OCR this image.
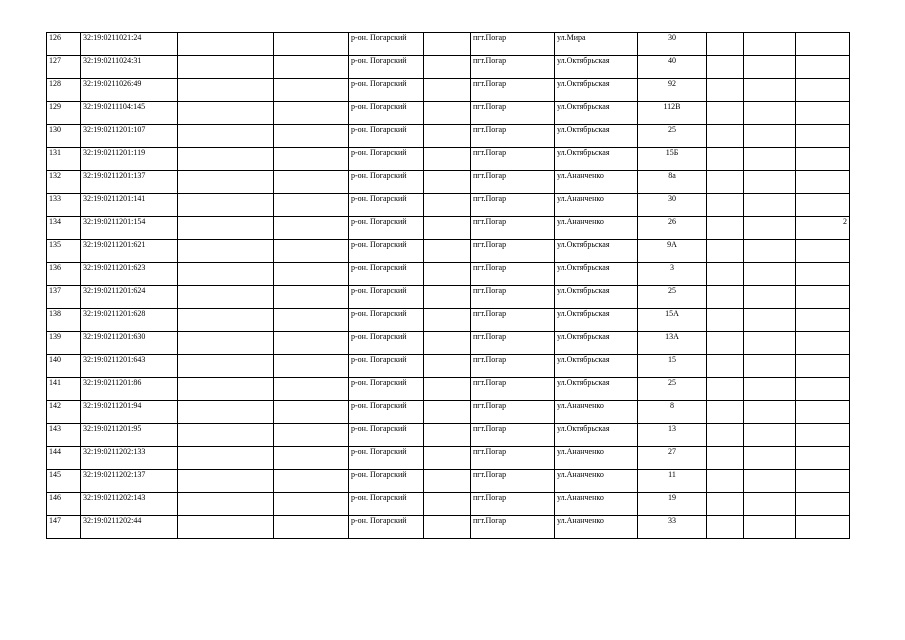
126	32:19:0211021:24			р-он. Погарский		пгт.Погар	ул.Мира	30			
127	32:19:0211024:31			р-он. Погарский		пгт.Погар	ул.Октябрьская	40			
128	32:19:0211026:49			р-он. Погарский		пгт.Погар	ул.Октябрьская	92			
129	32:19:0211104:145			р-он. Погарский		пгт.Погар	ул.Октябрьская	112В			
130	32:19:0211201:107			р-он. Погарский		пгт.Погар	ул.Октябрьская	25			
131	32:19:0211201:119			р-он. Погарский		пгт.Погар	ул.Октябрьская	15Б			
132	32:19:0211201:137			р-он. Погарский		пгт.Погар	ул.Ананченко	8а			
133	32:19:0211201:141			р-он. Погарский		пгт.Погар	ул.Ананченко	30			
134	32:19:0211201:154			р-он. Погарский		пгт.Погар	ул.Ананченко	26			2
135	32:19:0211201:621			р-он. Погарский		пгт.Погар	ул.Октябрьская	9А			
136	32:19:0211201:623			р-он. Погарский		пгт.Погар	ул.Октябрьская	3			
137	32:19:0211201:624			р-он. Погарский		пгт.Погар	ул.Октябрьская	25			
138	32:19:0211201:628			р-он. Погарский		пгт.Погар	ул.Октябрьская	15А			
139	32:19:0211201:630			р-он. Погарский		пгт.Погар	ул.Октябрьская	13А			
140	32:19:0211201:643			р-он. Погарский		пгт.Погар	ул.Октябрьская	15			
141	32:19:0211201:86			р-он. Погарский		пгт.Погар	ул.Октябрьская	25			
142	32:19:0211201:94			р-он. Погарский		пгт.Погар	ул.Ананченко	8			
143	32:19:0211201:95			р-он. Погарский		пгт.Погар	ул.Октябрьская	13			
144	32:19:0211202:133			р-он. Погарский		пгт.Погар	ул.Ананченко	27			
145	32:19:0211202:137			р-он. Погарский		пгт.Погар	ул.Ананченко	11			
146	32:19:0211202:143			р-он. Погарский		пгт.Погар	ул.Ананченко	19			
147	32:19:0211202:44			р-он. Погарский		пгт.Погар	ул.Ананченко	33			
